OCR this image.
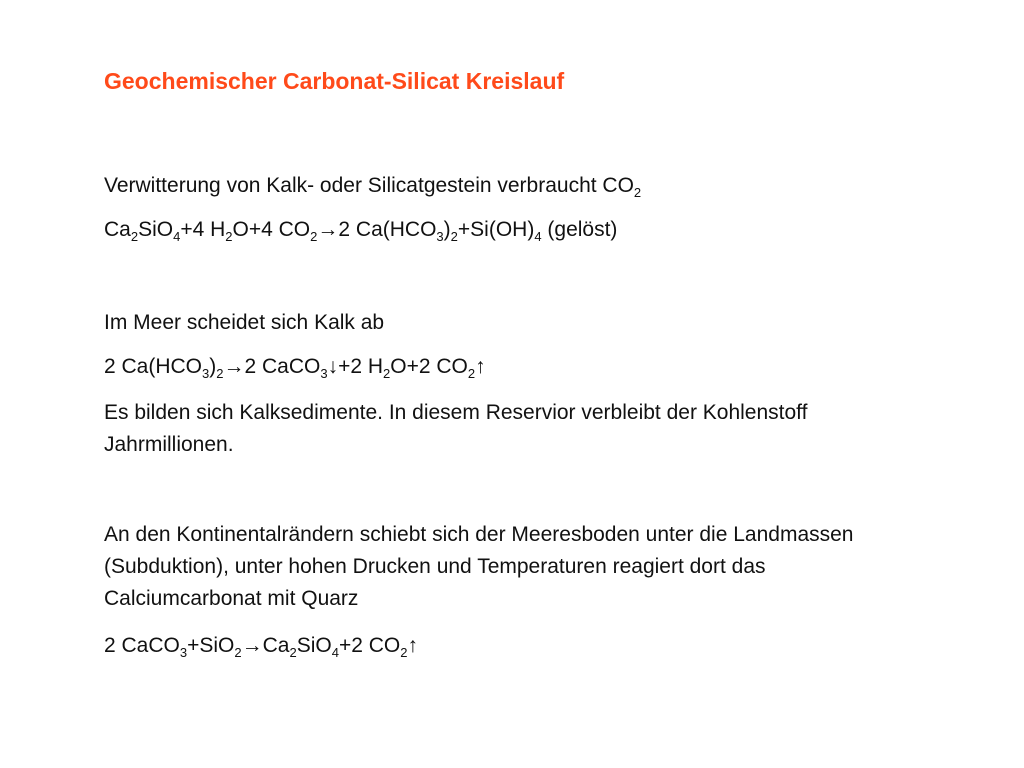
Geochemischer Carbonat-Silicat Kreislauf
Verwitterung von Kalk- oder Silicatgestein verbraucht $CO_2$
$Ca_2SiO_4+4$ $H_2O+4$ $CO_2\to 2$ $Ca(HCO_3)_2+Si(OH)_4$ (gelöst)
Im Meer scheidet sich Kalk ab
2 $Ca(HCO_3)_2\to 2$ CaCO$_3$↓+2 $H_2O+2$ $CO_2↑$
Es bilden sich Kalksedimente. In diesem Reservior verbleibt der Kohlenstoff Jahrmillionen.
An den Kontinentalrändern schiebt sich der Meeresboden unter die Landmassen (Subduktion), unter hohen Drucken und Temperaturen reagiert dort das Calciumcarbonat mit Quarz
2 $CaCO_3+SiO_2\to Ca_2SiO_4+2$ $CO_2↑$
